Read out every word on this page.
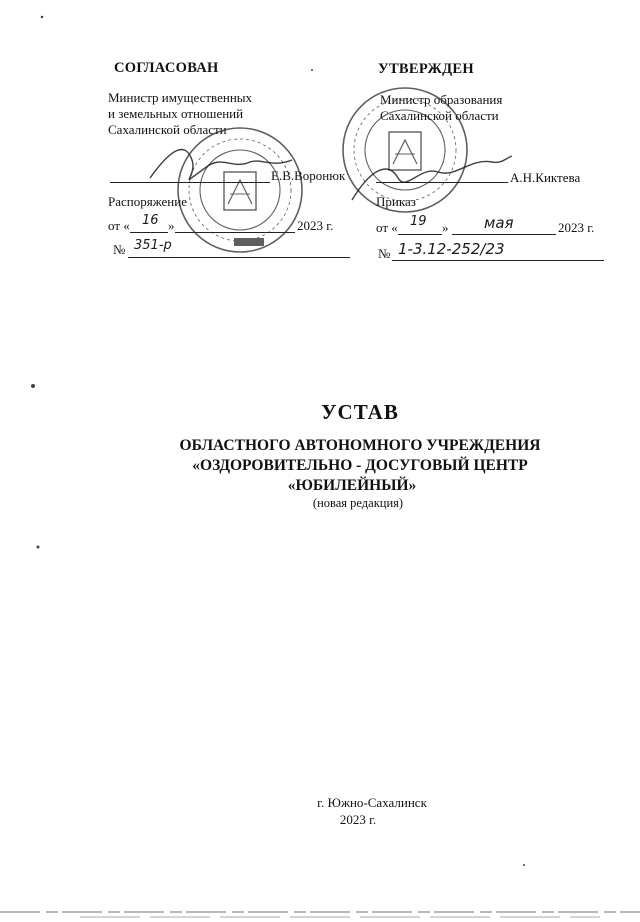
СОГЛАСОВАН
Министр имущественных
и земельных отношений
Сахалинской области
Е.В.Воронюк
Распоряжение
от « 16 »	2023 г.
№ 351-р
УТВЕРЖДЕН
Министр образования
Сахалинской области
А.Н.Киктева
Приказ
от « 19 » мая	2023 г.
№ 1-3.12-252/23
УСТАВ
ОБЛАСТНОГО АВТОНОМНОГО УЧРЕЖДЕНИЯ
«ОЗДОРОВИТЕЛЬНО - ДОСУГОВЫЙ ЦЕНТР
«ЮБИЛЕЙНЫЙ»
(новая редакция)
г. Южно-Сахалинск
2023 г.
